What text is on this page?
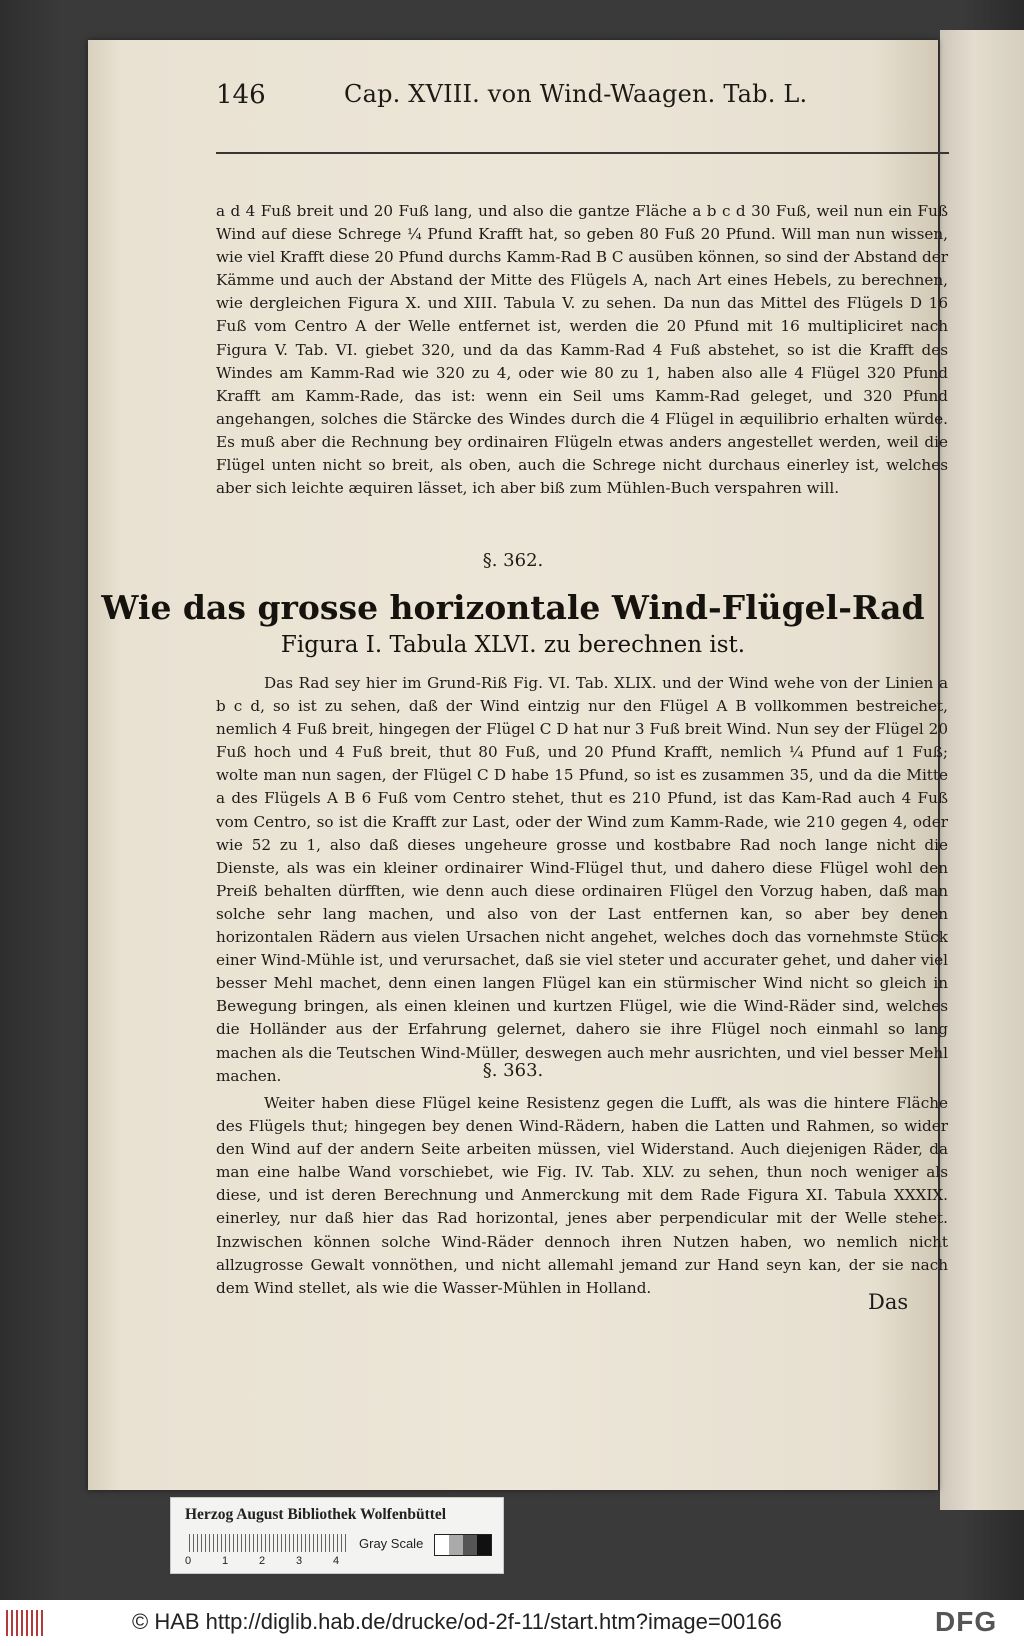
146	Cap. XVIII. von Wind-Waagen. Tab. L.
a d 4 Fuß breit und 20 Fuß lang, und also die gantze Fläche a b c d 30 Fuß, weil nun ein Fuß Wind auf diese Schrege ¼ Pfund Krafft hat, so geben 80 Fuß 20 Pfund. Will man nun wissen, wie viel Krafft diese 20 Pfund durchs Kamm-Rad B C ausüben können, so sind der Abstand der Kämme und auch der Abstand der Mitte des Flügels A, nach Art eines Hebels, zu berechnen, wie dergleichen Figura X. und XIII. Tabula V. zu sehen. Da nun das Mittel des Flügels D 16 Fuß vom Centro A der Welle entfernet ist, werden die 20 Pfund mit 16 multipliciret nach Figura V. Tab. VI. giebet 320, und da das Kamm-Rad 4 Fuß abstehet, so ist die Krafft des Windes am Kamm-Rad wie 320 zu 4, oder wie 80 zu 1, haben also alle 4 Flügel 320 Pfund Krafft am Kamm-Rade, das ist: wenn ein Seil ums Kamm-Rad geleget, und 320 Pfund angehangen, solches die Stärcke des Windes durch die 4 Flügel in æquilibrio erhalten würde. Es muß aber die Rechnung bey ordinairen Flügeln etwas anders angestellet werden, weil die Flügel unten nicht so breit, als oben, auch die Schrege nicht durchaus einerley ist, welches aber sich leichte æquiren lässet, ich aber biß zum Mühlen-Buch verspahren will.
§. 362.
Wie das grosse horizontale Wind-Flügel-Rad
Figura I. Tabula XLVI. zu berechnen ist.
Das Rad sey hier im Grund-Riß Fig. VI. Tab. XLIX. und der Wind wehe von der Linien a b c d, so ist zu sehen, daß der Wind eintzig nur den Flügel A B vollkommen bestreichet, nemlich 4 Fuß breit, hingegen der Flügel C D hat nur 3 Fuß breit Wind. Nun sey der Flügel 20 Fuß hoch und 4 Fuß breit, thut 80 Fuß, und 20 Pfund Krafft, nemlich ¼ Pfund auf 1 Fuß; wolte man nun sagen, der Flügel C D habe 15 Pfund, so ist es zusammen 35, und da die Mitte a des Flügels A B 6 Fuß vom Centro stehet, thut es 210 Pfund, ist das Kam-Rad auch 4 Fuß vom Centro, so ist die Krafft zur Last, oder der Wind zum Kamm-Rade, wie 210 gegen 4, oder wie 52 zu 1, also daß dieses ungeheure grosse und kostbabre Rad noch lange nicht die Dienste, als was ein kleiner ordinairer Wind-Flügel thut, und dahero diese Flügel wohl den Preiß behalten dürfften, wie denn auch diese ordinairen Flügel den Vorzug haben, daß man solche sehr lang machen, und also von der Last entfernen kan, so aber bey denen horizontalen Rädern aus vielen Ursachen nicht angehet, welches doch das vornehmste Stück einer Wind-Mühle ist, und verursachet, daß sie viel steter und accurater gehet, und daher viel besser Mehl machet, denn einen langen Flügel kan ein stürmischer Wind nicht so gleich in Bewegung bringen, als einen kleinen und kurtzen Flügel, wie die Wind-Räder sind, welches die Holländer aus der Erfahrung gelernet, dahero sie ihre Flügel noch einmahl so lang machen als die Teutschen Wind-Müller, deswegen auch mehr ausrichten, und viel besser Mehl machen.	§. 363.
Weiter haben diese Flügel keine Resistenz gegen die Lufft, als was die hintere Fläche des Flügels thut; hingegen bey denen Wind-Rädern, haben die Latten und Rahmen, so wider den Wind auf der andern Seite arbeiten müssen, viel Widerstand. Auch diejenigen Räder, da man eine halbe Wand vorschiebet, wie Fig. IV. Tab. XLV. zu sehen, thun noch weniger als diese, und ist deren Berechnung und Anmerckung mit dem Rade Figura XI. Tabula XXXIX. einerley, nur daß hier das Rad horizontal, jenes aber perpendicular mit der Welle stehet. Inzwischen können solche Wind-Räder dennoch ihren Nutzen haben, wo nemlich nicht allzugrosse Gewalt vonnöthen, und nicht allemahl jemand zur Hand seyn kan, der sie nach dem Wind stellet, als wie die Wasser-Mühlen in Holland.
Das
Herzog August Bibliothek Wolfenbüttel
0	1	2	3	4
Gray Scale
© HAB http://diglib.hab.de/drucke/od-2f-11/start.htm?image=00166	DFG
